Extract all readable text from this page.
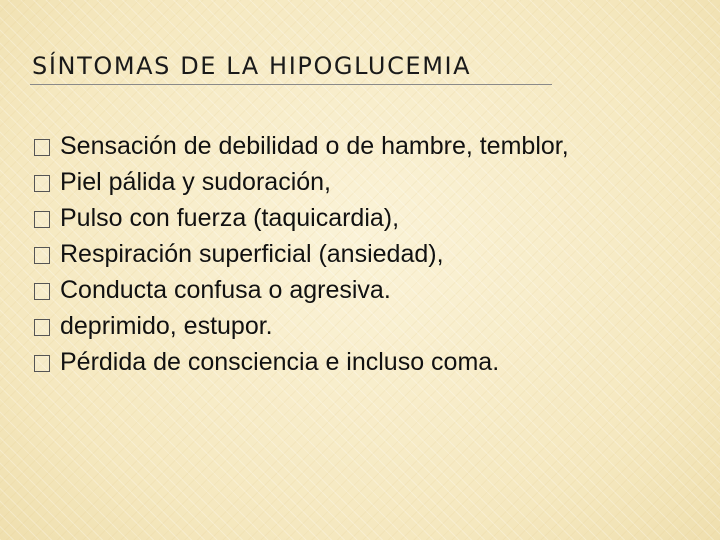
SÍNTOMAS DE LA HIPOGLUCEMIA
Sensación de debilidad o de hambre, temblor,
Piel pálida y sudoración,
Pulso con fuerza (taquicardia),
Respiración superficial (ansiedad),
Conducta confusa o agresiva.
deprimido, estupor.
Pérdida de consciencia e incluso coma.
